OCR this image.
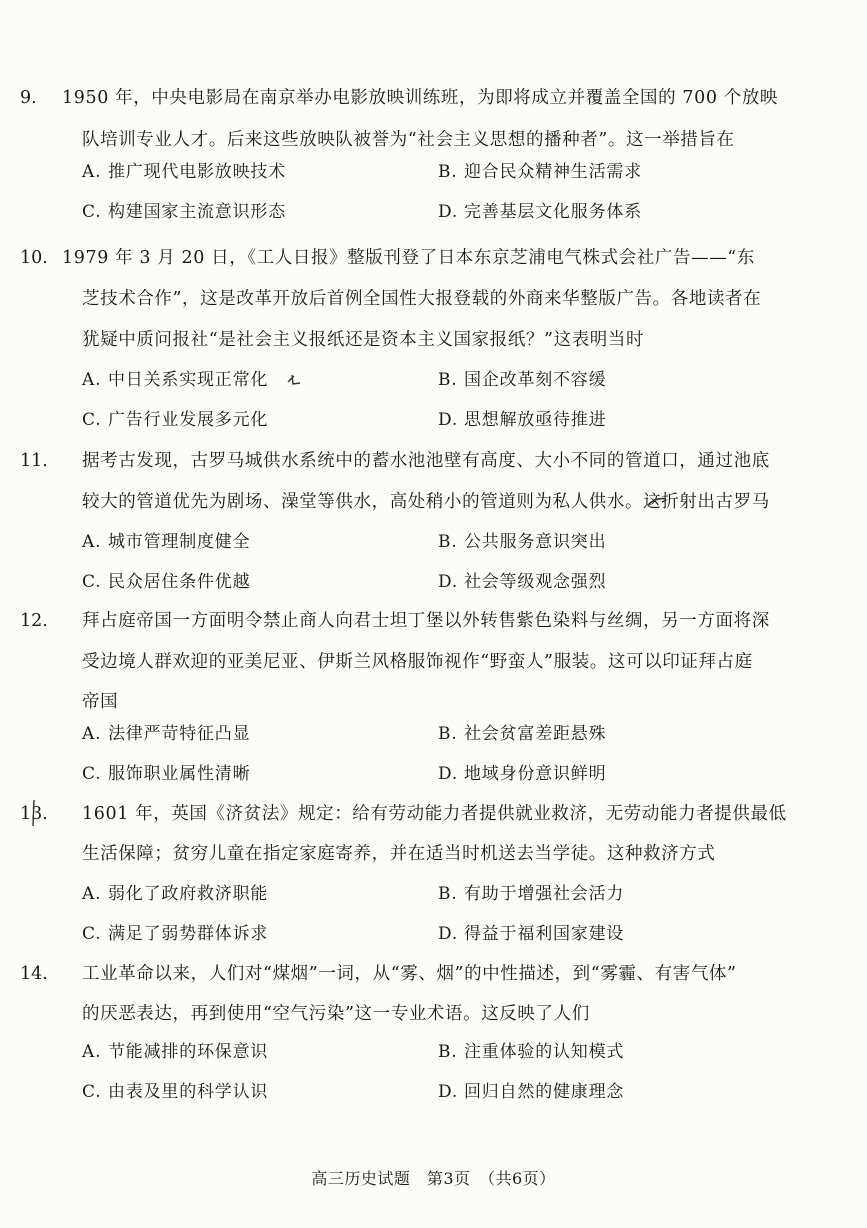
9. 1950 年，中央电影局在南京举办电影放映训练班，为即将成立并覆盖全国的 700 个放映
队培训专业人才。后来这些放映队被誉为“社会主义思想的播种者”。这一举措旨在
A. 推广现代电影放映技术	B. 迎合民众精神生活需求
C. 构建国家主流意识形态	D. 完善基层文化服务体系
10. 1979 年 3 月 20 日，《工人日报》整版刊登了日本东京芝浦电气株式会社广告——“东
芝技术合作”，这是改革开放后首例全国性大报登载的外商来华整版广告。各地读者在
犹疑中质问报社“是社会主义报纸还是资本主义国家报纸？”这表明当时
A. 中日关系实现正常化	B. 国企改革刻不容缓
C. 广告行业发展多元化	D. 思想解放亟待推进
11. 据考古发现，古罗马城供水系统中的蓄水池池壁有高度、大小不同的管道口，通过池底
较大的管道优先为剧场、澡堂等供水，高处稍小的管道则为私人供水。这折射出古罗马
A. 城市管理制度健全	B. 公共服务意识突出
C. 民众居住条件优越	D. 社会等级观念强烈
12. 拜占庭帝国一方面明令禁止商人向君士坦丁堡以外转售紫色染料与丝绸，另一方面将深
受边境人群欢迎的亚美尼亚、伊斯兰风格服饰视作“野蛮人”服装。这可以印证拜占庭
帝国
A. 法律严苛特征凸显	B. 社会贫富差距悬殊
C. 服饰职业属性清晰	D. 地域身份意识鲜明
13. 1601 年，英国《济贫法》规定：给有劳动能力者提供就业救济，无劳动能力者提供最低
生活保障；贫穷儿童在指定家庭寄养，并在适当时机送去当学徒。这种救济方式
A. 弱化了政府救济职能	B. 有助于增强社会活力
C. 满足了弱势群体诉求	D. 得益于福利国家建设
14. 工业革命以来，人们对“煤烟”一词，从“雾、烟”的中性描述，到“雾霾、有害气体”
的厌恶表达，再到使用“空气污染”这一专业术语。这反映了人们
A. 节能减排的环保意识	B. 注重体验的认知模式
C. 由表及里的科学认识	D. 回归自然的健康理念
高三历史试题　第3页　（共6页）
